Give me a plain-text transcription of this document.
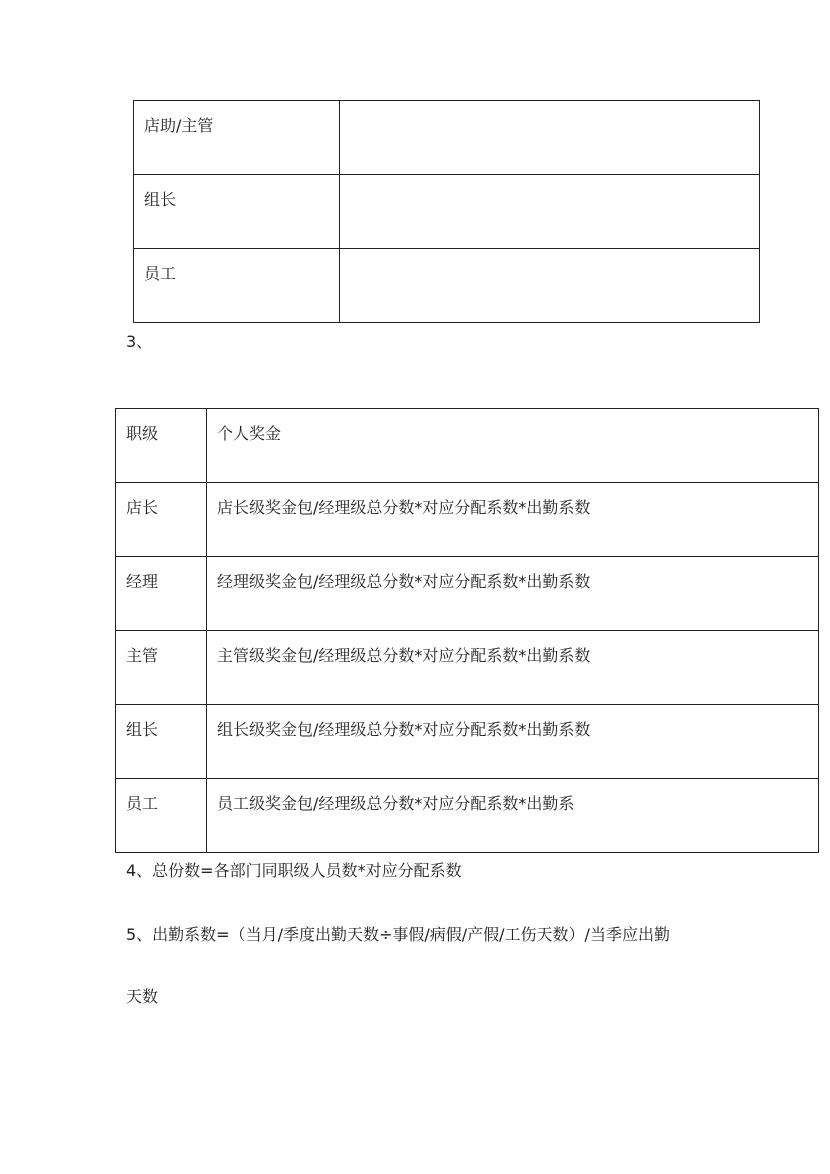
店助/主管	
组长	
员工	
3、
职级	个人奖金
店长	店长级奖金包/经理级总分数*对应分配系数*出勤系数
经理	经理级奖金包/经理级总分数*对应分配系数*出勤系数
主管	主管级奖金包/经理级总分数*对应分配系数*出勤系数
组长	组长级奖金包/经理级总分数*对应分配系数*出勤系数
员工	员工级奖金包/经理级总分数*对应分配系数*出勤系
4、总份数=各部门同职级人员数*对应分配系数
5、出勤系数=（当月/季度出勤天数÷事假/病假/产假/工伤天数）/当季应出勤
天数
